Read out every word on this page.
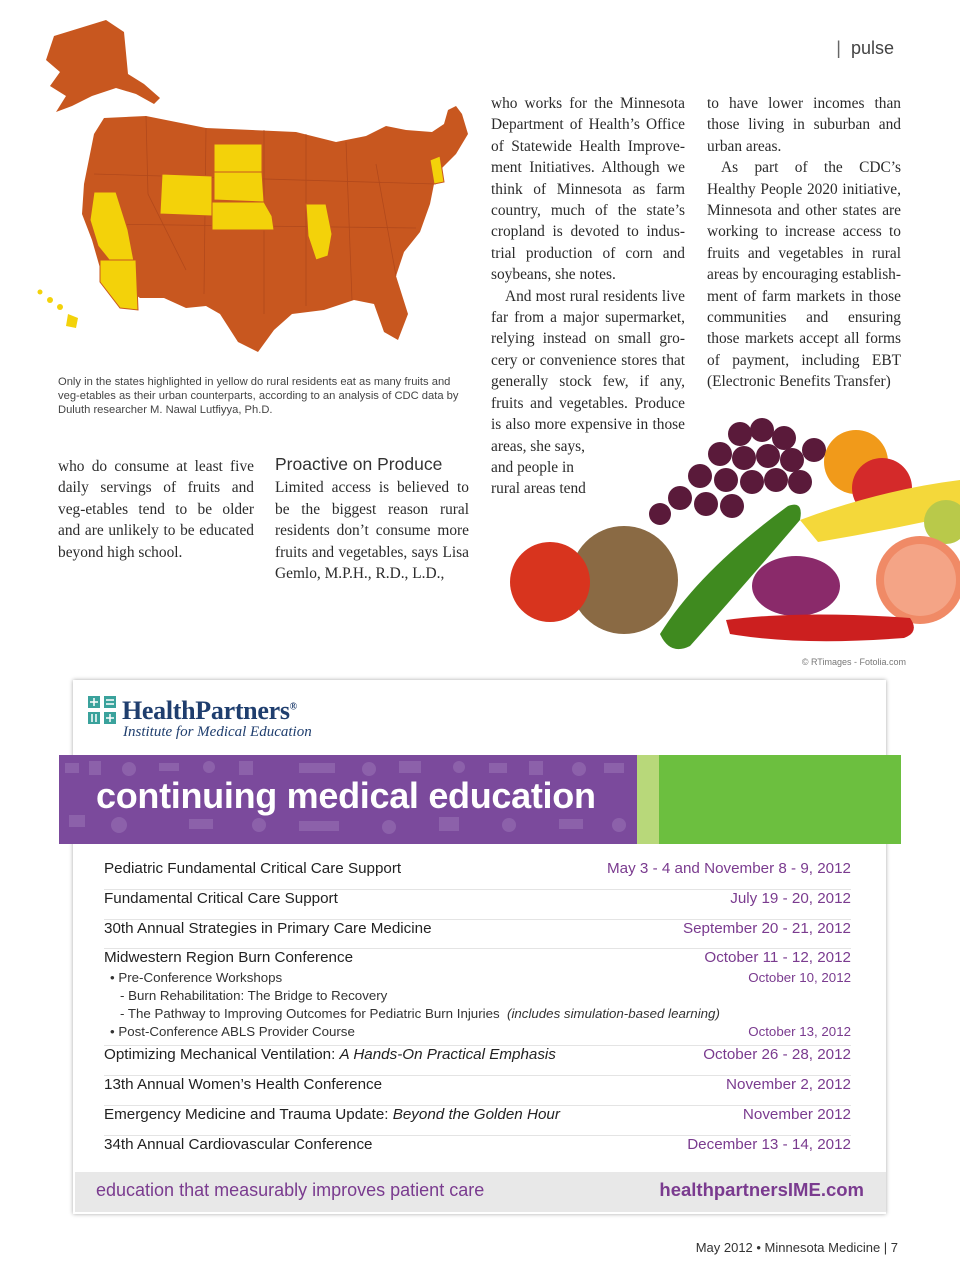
| pulse
Only in the states highlighted in yellow do rural residents eat as many fruits and veg-etables as their urban counterparts, according to an analysis of CDC data by Duluth researcher M. Nawal Lutfiyya, Ph.D.

who do consume at least five daily servings of fruits and veg-etables tend to be older and are unlikely to be educated beyond high school.

Proactive on Produce

Limited access is believed to be the biggest reason rural residents don’t consume more fruits and vegetables, says Lisa Gemlo, M.P.H., R.D., L.D.,

who works for the Minnesota Department of Health’s Office of Statewide Health Improve-ment Initiatives. Although we think of Minnesota as farm country, much of the state’s cropland is devoted to indus-trial production of corn and soybeans, she notes.

And most rural residents live far from a major supermarket, relying instead on small gro-cery or convenience stores that generally stock few, if any, fruits and vegetables. Produce is also more expensive in those areas, she says,

and people in rural areas tend

to have lower incomes than those living in suburban and urban areas.

As part of the CDC’s Healthy People 2020 initiative, Minnesota and other states are working to increase access to fruits and vegetables in rural areas by encouraging establish-ment of farm markets in those communities and ensuring those markets accept all forms of payment, including EBT (Electronic Benefits Transfer)

© RTimages - Fotolia.com
HealthPartners®
Institute for Medical Education
continuing medical education
Pediatric Fundamental Critical Care Support	May 3 - 4 and November 8 - 9, 2012
Fundamental Critical Care Support	July 19 - 20, 2012
30th Annual Strategies in Primary Care Medicine	September 20 - 21, 2012
Midwestern Region Burn Conference	October 11 - 12, 2012
• Pre-Conference Workshops	October 10, 2012
- Burn Rehabilitation: The Bridge to Recovery
- The Pathway to Improving Outcomes for Pediatric Burn Injuries (includes simulation-based learning)
• Post-Conference ABLS Provider Course	October 13, 2012
Optimizing Mechanical Ventilation: A Hands-On Practical Emphasis	October 26 - 28, 2012
13th Annual Women’s Health Conference	November 2, 2012
Emergency Medicine and Trauma Update: Beyond the Golden Hour	November 2012
34th Annual Cardiovascular Conference	December 13 - 14, 2012
education that measurably improves patient care	healthpartnersIME.com
May 2012 • Minnesota Medicine | 7
